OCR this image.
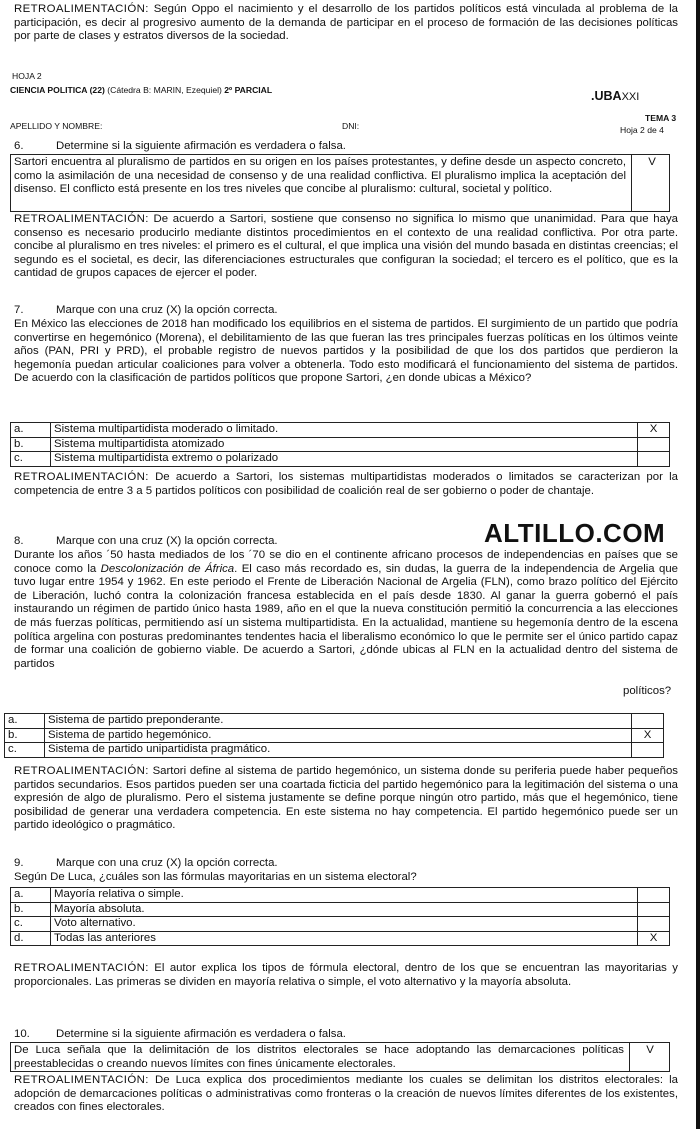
RETROALIMENTACIÓN: Según Oppo el nacimiento y el desarrollo de los partidos políticos está vinculada al problema de la participación, es decir al progresivo aumento de la demanda de participar en el proceso de formación de las decisiones políticas por parte de clases y estratos diversos de la sociedad.
HOJA 2
CIENCIA POLITICA (22) (Cátedra B: MARIN, Ezequiel) 2º PARCIAL	.UBAXXI
TEMA 3
APELLIDO Y NOMBRE:	DNI:	Hoja 2 de 4
6.	Determine si la siguiente afirmación es verdadera o falsa.
Sartori encuentra al pluralismo de partidos en su origen en los países protestantes, y define desde un aspecto concreto, como la asimilación de una necesidad de consenso y de una realidad conflictiva. El pluralismo implica la aceptación del disenso. El conflicto está presente en los tres niveles que concibe al pluralismo: cultural, societal y político.
V
RETROALIMENTACIÓN: De acuerdo a Sartori, sostiene que consenso no significa lo mismo que unanimidad. Para que haya consenso es necesario producirlo mediante distintos procedimientos en el contexto de una realidad conflictiva. Por otra parte. concibe al pluralismo en tres niveles: el primero es el cultural, el que implica una visión del mundo basada en distintas creencias; el segundo es el societal, es decir, las diferenciaciones estructurales que configuran la sociedad; el tercero es el político, que es la cantidad de grupos capaces de ejercer el poder.
7.	Marque con una cruz (X) la opción correcta.
En México las elecciones de 2018 han modificado los equilibrios en el sistema de partidos. El surgimiento de un partido que podría convertirse en hegemónico (Morena), el debilitamiento de las que fueran las tres principales fuerzas políticas en los últimos veinte años (PAN, PRI y PRD), el probable registro de nuevos partidos y la posibilidad de que los dos partidos que perdieron la hegemonía puedan articular coaliciones para volver a obtenerla. Todo esto modificará el funcionamiento del sistema de partidos. De acuerdo con la clasificación de partidos políticos que propone Sartori, ¿en donde ubicas a México?
a.	Sistema multipartidista moderado o limitado.	X
b.	Sistema multipartidista atomizado	
c.	Sistema multipartidista extremo o polarizado	
RETROALIMENTACIÓN: De acuerdo a Sartori, los sistemas multipartidistas moderados o limitados se caracterizan por la competencia de entre 3 a 5 partidos políticos con posibilidad de coalición real de ser gobierno o poder de chantaje.
ALTILLO.COM
8.	Marque con una cruz (X) la opción correcta.
Durante los años ´50 hasta mediados de los ´70 se dio en el continente africano procesos de independencias en países que se conoce como la Descolonización de África. El caso más recordado es, sin dudas, la guerra de la independencia de Argelia que tuvo lugar entre 1954 y 1962. En este periodo el Frente de Liberación Nacional de Argelia (FLN), como brazo político del Ejército de Liberación, luchó contra la colonización francesa establecida en el país desde 1830. Al ganar la guerra gobernó el país instaurando un régimen de partido único hasta 1989, año en el que la nueva constitución permitió la concurrencia a las elecciones de más fuerzas políticas, permitiendo así un sistema multipartidista. En la actualidad, mantiene su hegemonía dentro de la escena política argelina con posturas predominantes tendentes hacia el liberalismo económico lo que le permite ser el único partido capaz de formar una coalición de gobierno viable. De acuerdo a Sartori, ¿dónde ubicas al FLN en la actualidad dentro del sistema de partidos
políticos?
a.	Sistema de partido preponderante.	
b.	Sistema de partido hegemónico.	X
c.	Sistema de partido unipartidista pragmático.	
RETROALIMENTACIÓN: Sartori define al sistema de partido hegemónico, un sistema donde su periferia puede haber pequeños partidos secundarios. Esos partidos pueden ser una coartada ficticia del partido hegemónico para la legitimación del sistema o una expresión de algo de pluralismo. Pero el sistema justamente se define porque ningún otro partido, más que el hegemónico, tiene posibilidad de generar una verdadera competencia. En este sistema no hay competencia. El partido hegemónico puede ser un partido ideológico o pragmático.
9.	Marque con una cruz (X) la opción correcta.
Según De Luca, ¿cuáles son las fórmulas mayoritarias en un sistema electoral?
a.	Mayoría relativa o simple.	
b.	Mayoría absoluta.	
c.	Voto alternativo.	
d.	Todas las anteriores	X
RETROALIMENTACIÓN: El autor explica los tipos de fórmula electoral, dentro de los que se encuentran las mayoritarias y proporcionales. Las primeras se dividen en mayoría relativa o simple, el voto alternativo y la mayoría absoluta.
10. Determine si la siguiente afirmación es verdadera o falsa.
De Luca señala que la delimitación de los distritos electorales se hace adoptando las demarcaciones políticas preestablecidas o creando nuevos límites con fines únicamente electorales.
V
RETROALIMENTACIÓN: De Luca explica dos procedimientos mediante los cuales se delimitan los distritos electorales: la adopción de demarcaciones políticas o administrativas como fronteras o la creación de nuevos límites diferentes de los existentes, creados con fines electorales.
